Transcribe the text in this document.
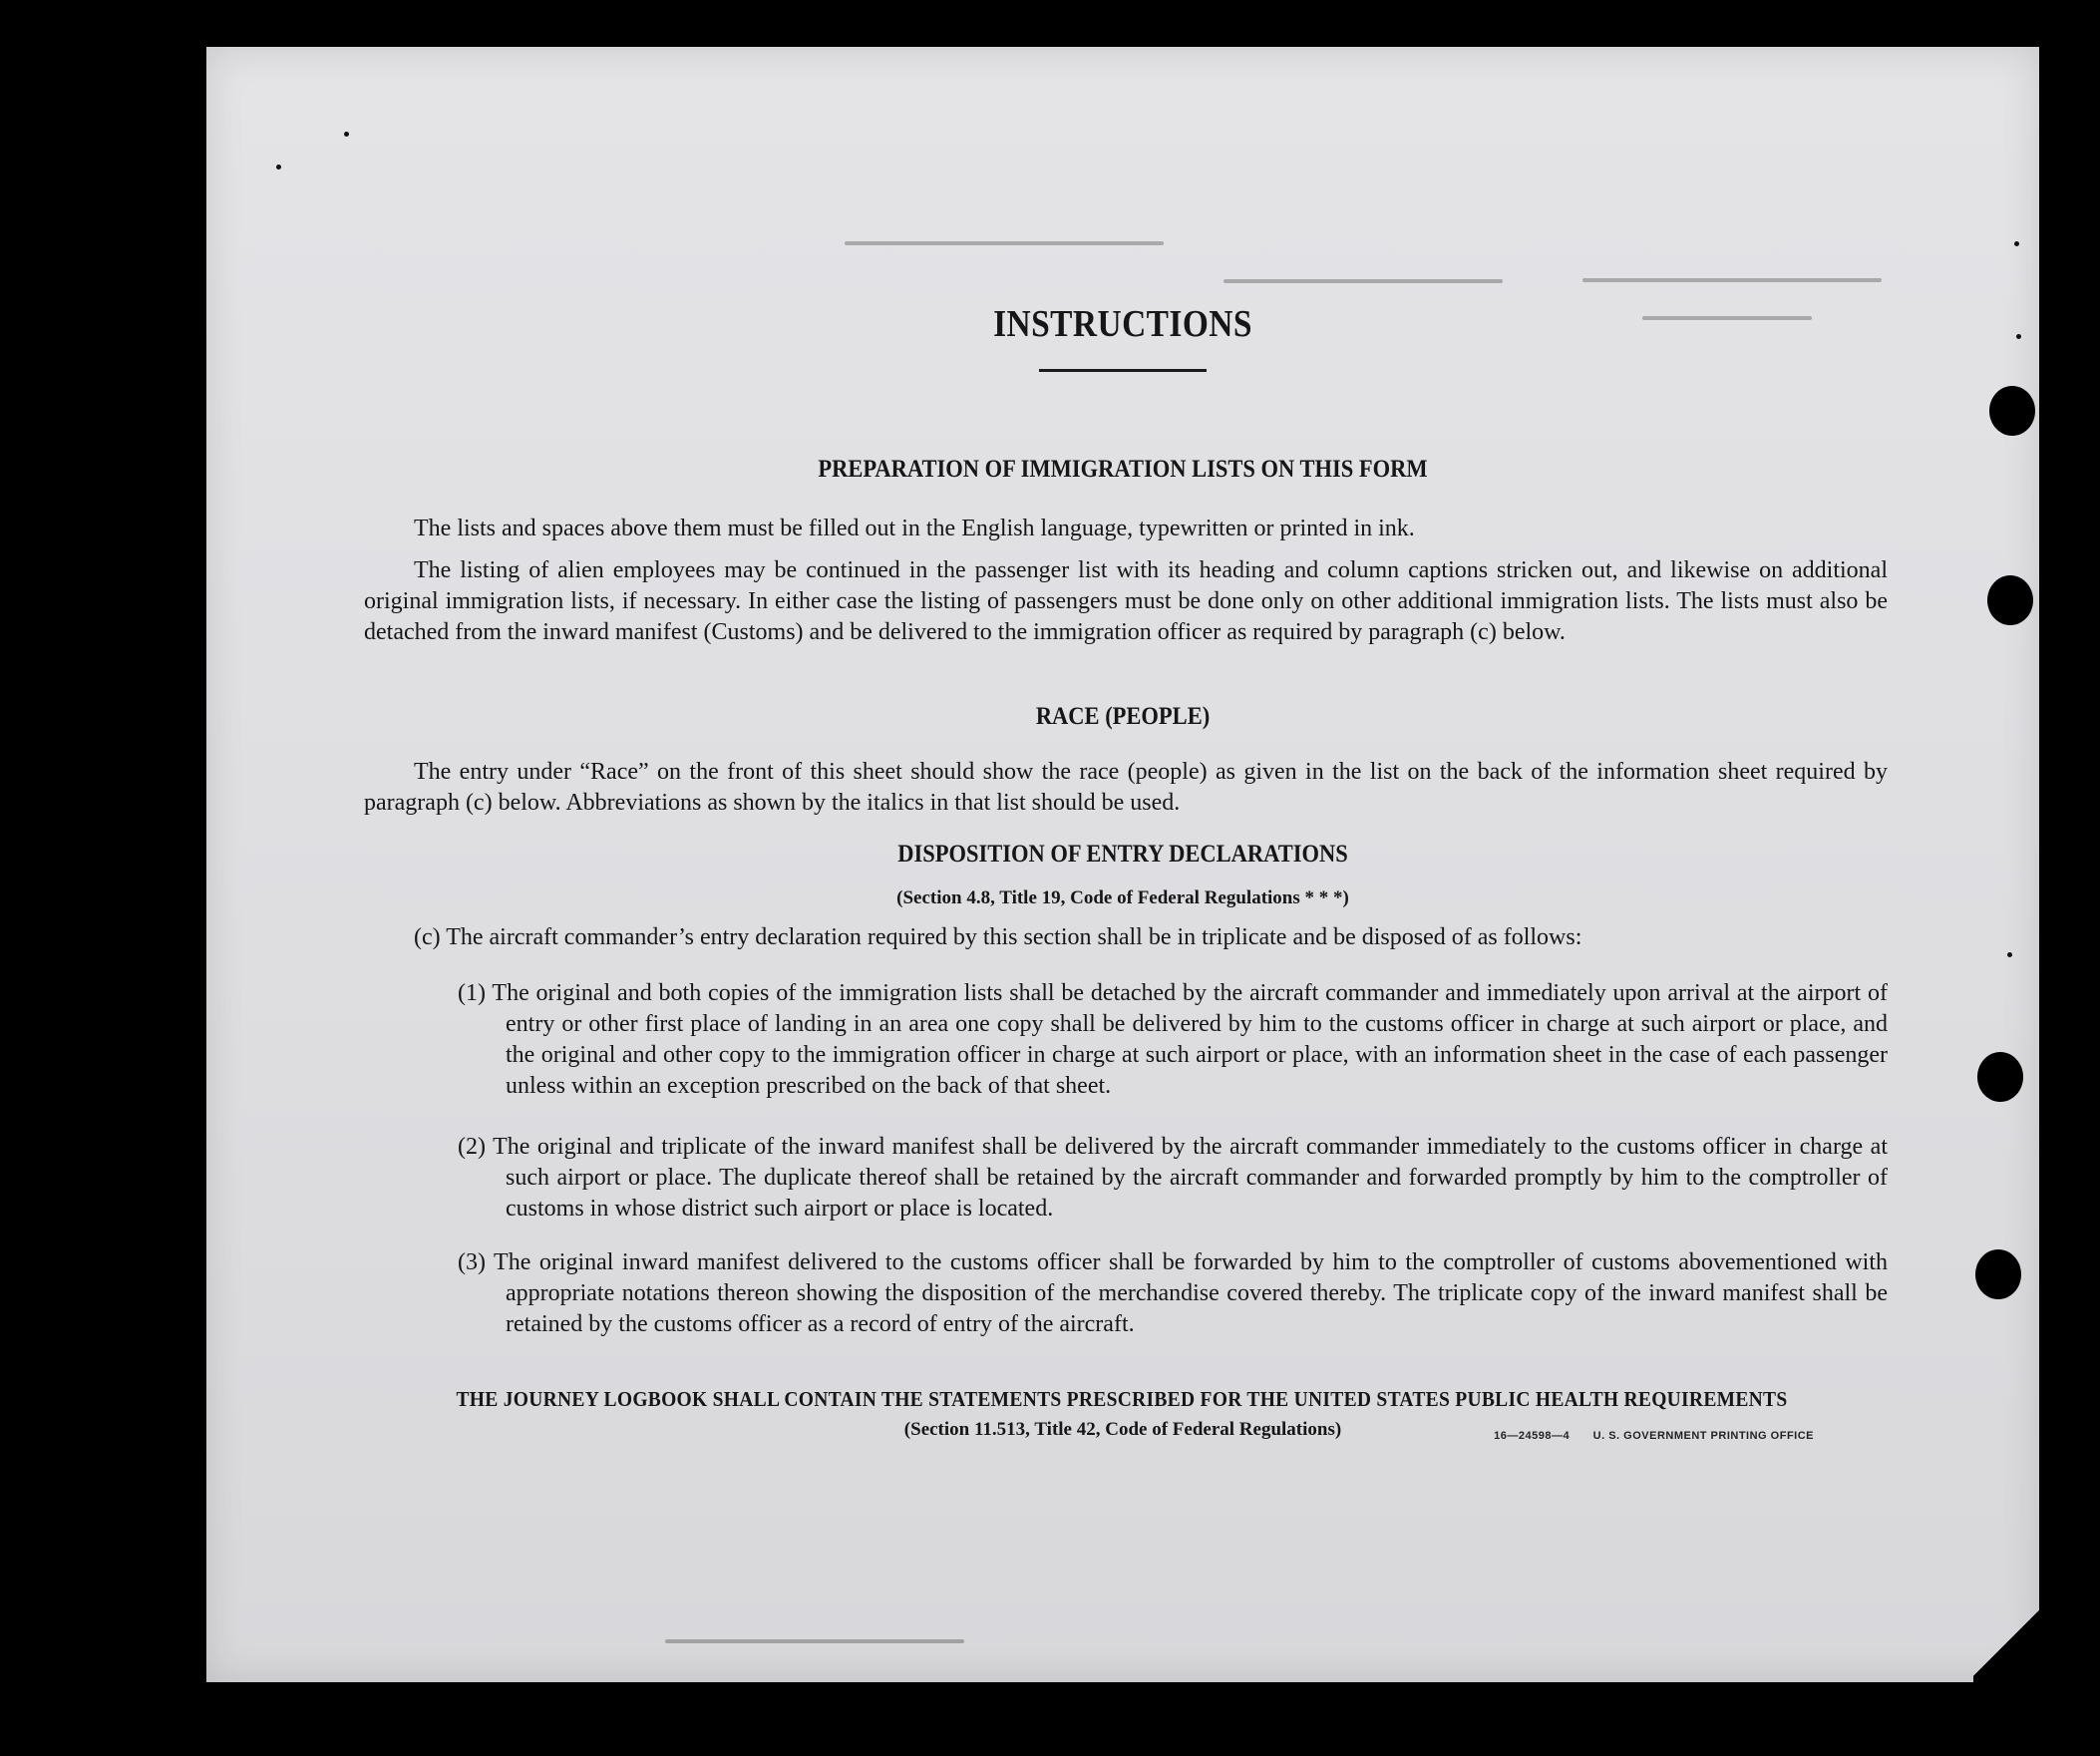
INSTRUCTIONS
PREPARATION OF IMMIGRATION LISTS ON THIS FORM
The lists and spaces above them must be filled out in the English language, typewritten or printed in ink.
The listing of alien employees may be continued in the passenger list with its heading and column captions stricken out, and likewise on additional original immigration lists, if necessary. In either case the listing of passengers must be done only on other additional immigration lists. The lists must also be detached from the inward manifest (Customs) and be delivered to the immigration officer as required by paragraph (c) below.
RACE (PEOPLE)
The entry under “Race” on the front of this sheet should show the race (people) as given in the list on the back of the information sheet required by paragraph (c) below. Abbreviations as shown by the italics in that list should be used.
DISPOSITION OF ENTRY DECLARATIONS
(Section 4.8, Title 19, Code of Federal Regulations * * *)
(c) The aircraft commander’s entry declaration required by this section shall be in triplicate and be disposed of as follows:
(1) The original and both copies of the immigration lists shall be detached by the aircraft commander and immediately upon arrival at the airport of entry or other first place of landing in an area one copy shall be delivered by him to the customs officer in charge at such airport or place, and the original and other copy to the immigration officer in charge at such airport or place, with an information sheet in the case of each passenger unless within an exception prescribed on the back of that sheet.
(2) The original and triplicate of the inward manifest shall be delivered by the aircraft commander immediately to the customs officer in charge at such airport or place. The duplicate thereof shall be retained by the aircraft commander and forwarded promptly by him to the comptroller of customs in whose district such airport or place is located.
(3) The original inward manifest delivered to the customs officer shall be forwarded by him to the comptroller of customs abovementioned with appropriate notations thereon showing the disposition of the merchandise covered thereby. The triplicate copy of the inward manifest shall be retained by the customs officer as a record of entry of the aircraft.
THE JOURNEY LOGBOOK SHALL CONTAIN THE STATEMENTS PRESCRIBED FOR THE UNITED STATES PUBLIC HEALTH REQUIREMENTS
(Section 11.513, Title 42, Code of Federal Regulations)	16—24598—4 U. S. GOVERNMENT PRINTING OFFICE
